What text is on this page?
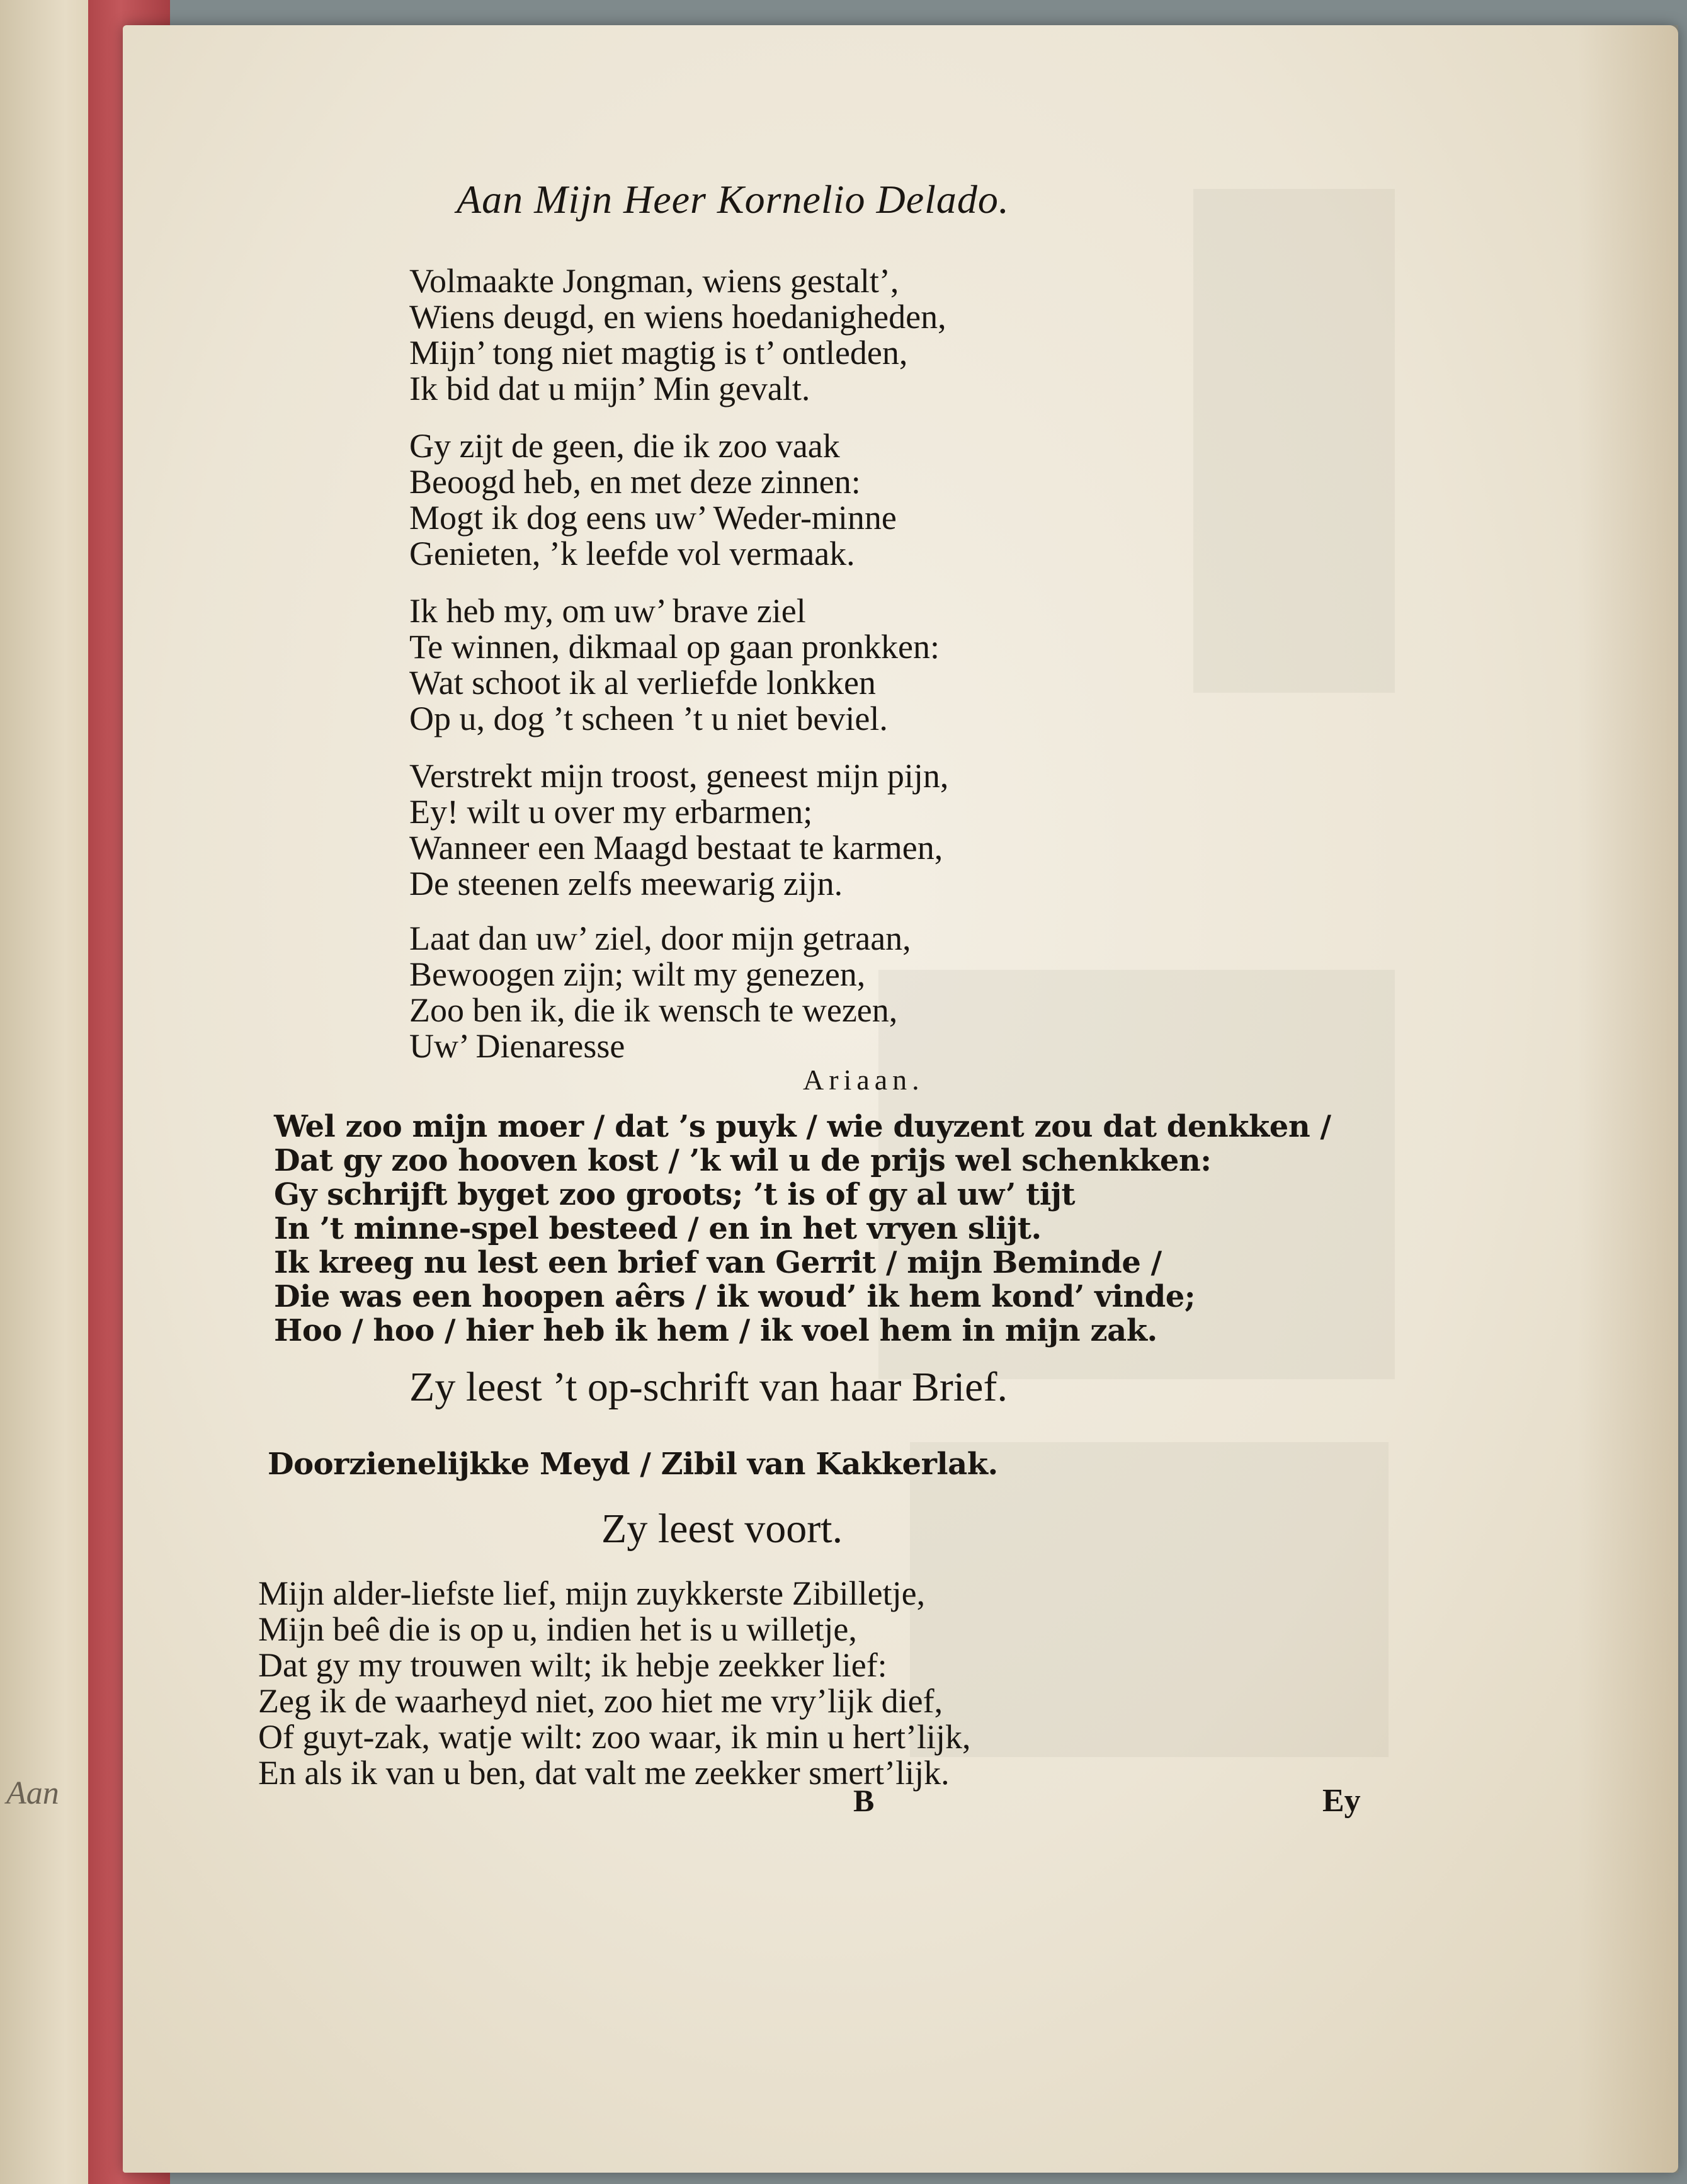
Aan
Aan Mijn Heer Kornelio Delado.
Volmaakte Jongman, wiens gestalt’,
Wiens deugd, en wiens hoedanigheden,
Mijn’ tong niet magtig is t’ ontleden,
Ik bid dat u mijn’ Min gevalt.
Gy zijt de geen, die ik zoo vaak
Beoogd heb, en met deze zinnen:
Mogt ik dog eens uw’ Weder-minne
Genieten, ’k leefde vol vermaak.
Ik heb my, om uw’ brave ziel
Te winnen, dikmaal op gaan pronkken:
Wat schoot ik al verliefde lonkken
Op u, dog ’t scheen ’t u niet beviel.
Verstrekt mijn troost, geneest mijn pijn,
Ey! wilt u over my erbarmen;
Wanneer een Maagd bestaat te karmen,
De steenen zelfs meewarig zijn.
Laat dan uw’ ziel, door mijn getraan,
Bewoogen zijn; wilt my genezen,
Zoo ben ik, die ik wensch te wezen,
Uw’ Dienaresse
Ariaan.
Wel zoo mijn moer / dat ’s puyk / wie duyzent zou dat denkken /
Dat gy zoo hooven kost / ’k wil u de prijs wel schenkken:
Gy schrijft byget zoo groots; ’t is of gy al uw’ tijt
In ’t minne-spel besteed / en in het vryen slijt.
Ik kreeg nu lest een brief van Gerrit / mijn Beminde /
Die was een hoopen aêrs / ik woud’ ik hem kond’ vinde;
Hoo / hoo / hier heb ik hem / ik voel hem in mijn zak.
Zy leest ’t op-schrift van haar Brief.
Doorzienelijkke Meyd / Zibil van Kakkerlak.
Zy leest voort.
Mijn alder-liefste lief, mijn zuykkerste Zibilletje,
Mijn beê die is op u, indien het is u willetje,
Dat gy my trouwen wilt; ik hebje zeekker lief:
Zeg ik de waarheyd niet, zoo hiet me vry’lijk dief,
Of guyt-zak, watje wilt: zoo waar, ik min u hert’lijk,
En als ik van u ben, dat valt me zeekker smert’lijk.
B	Ey
